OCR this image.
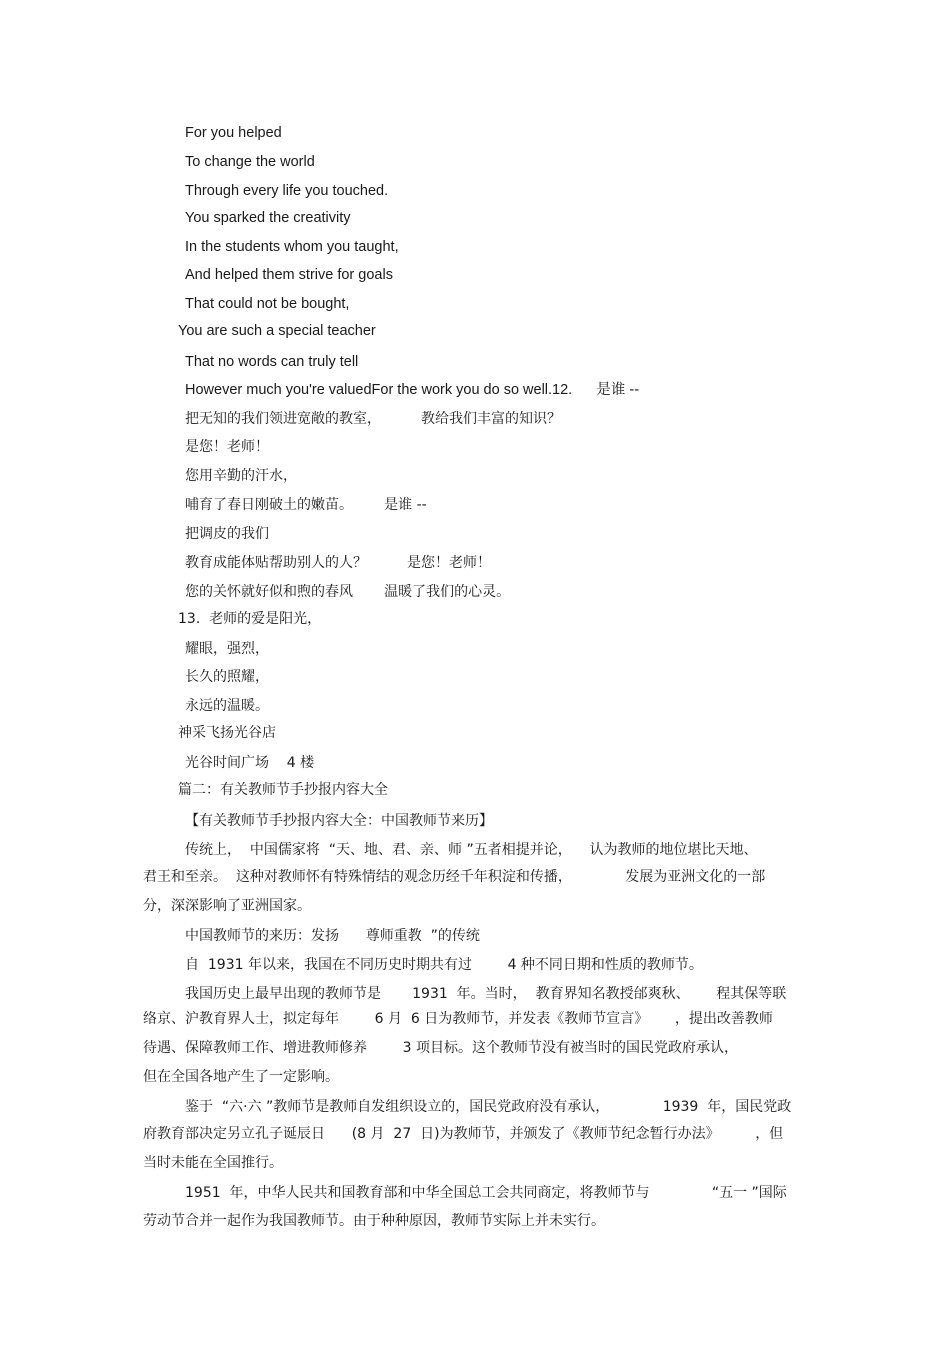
For you helped
To change the world
Through every life you touched.
You sparked the creativity
In the students whom you taught,
And helped them strive for goals
That could not be bought,
You are such a special teacher
That no words can truly tell
However much you're valuedFor the work you do so well.12.      是谁 --
把无知的我们领进宽敞的教室，         教给我们丰富的知识？
是您！老师！
您用辛勤的汗水，
哺育了春日刚破土的嫩苗。       是谁 --
把调皮的我们
教育成能体贴帮助别人的人？         是您！老师！
您的关怀就好似和煦的春风       温暖了我们的心灵。
13.  老师的爱是阳光，
耀眼，强烈，
长久的照耀，
永远的温暖。
神采飞扬光谷店
光谷时间广场    4 楼
篇二：有关教师节手抄报内容大全
【有关教师节手抄报内容大全：中国教师节来历】
传统上，  中国儒家将  “天、地、君、亲、师 ”五者相提并论，    认为教师的地位堪比天地、
君王和至亲。  这种对教师怀有特殊情结的观念历经千年积淀和传播，            发展为亚洲文化的一部
分，深深影响了亚洲国家。
中国教师节的来历：发扬      尊师重教  ”的传统
自  1931 年以来，我国在不同历史时期共有过        4 种不同日期和性质的教师节。
我国历史上最早出现的教师节是       1931  年。当时，  教育界知名教授邰爽秋、      程其保等联
络京、沪教育界人士，拟定每年        6 月  6 日为教师节，并发表《教师节宣言》      ，提出改善教师
待遇、保障教师工作、增进教师修养        3 项目标。这个教师节没有被当时的国民党政府承认，
但在全国各地产生了一定影响。
鉴于  “六·六 ”教师节是教师自发组织设立的，国民党政府没有承认，            1939  年，国民党政
府教育部决定另立孔子诞辰日      (8 月  27  日)为教师节，并颁发了《教师节纪念暂行办法》        ，但
当时未能在全国推行。
1951  年，中华人民共和国教育部和中华全国总工会共同商定，将教师节与              “五一 ”国际
劳动节合并一起作为我国教师节。由于种种原因，教师节实际上并未实行。
